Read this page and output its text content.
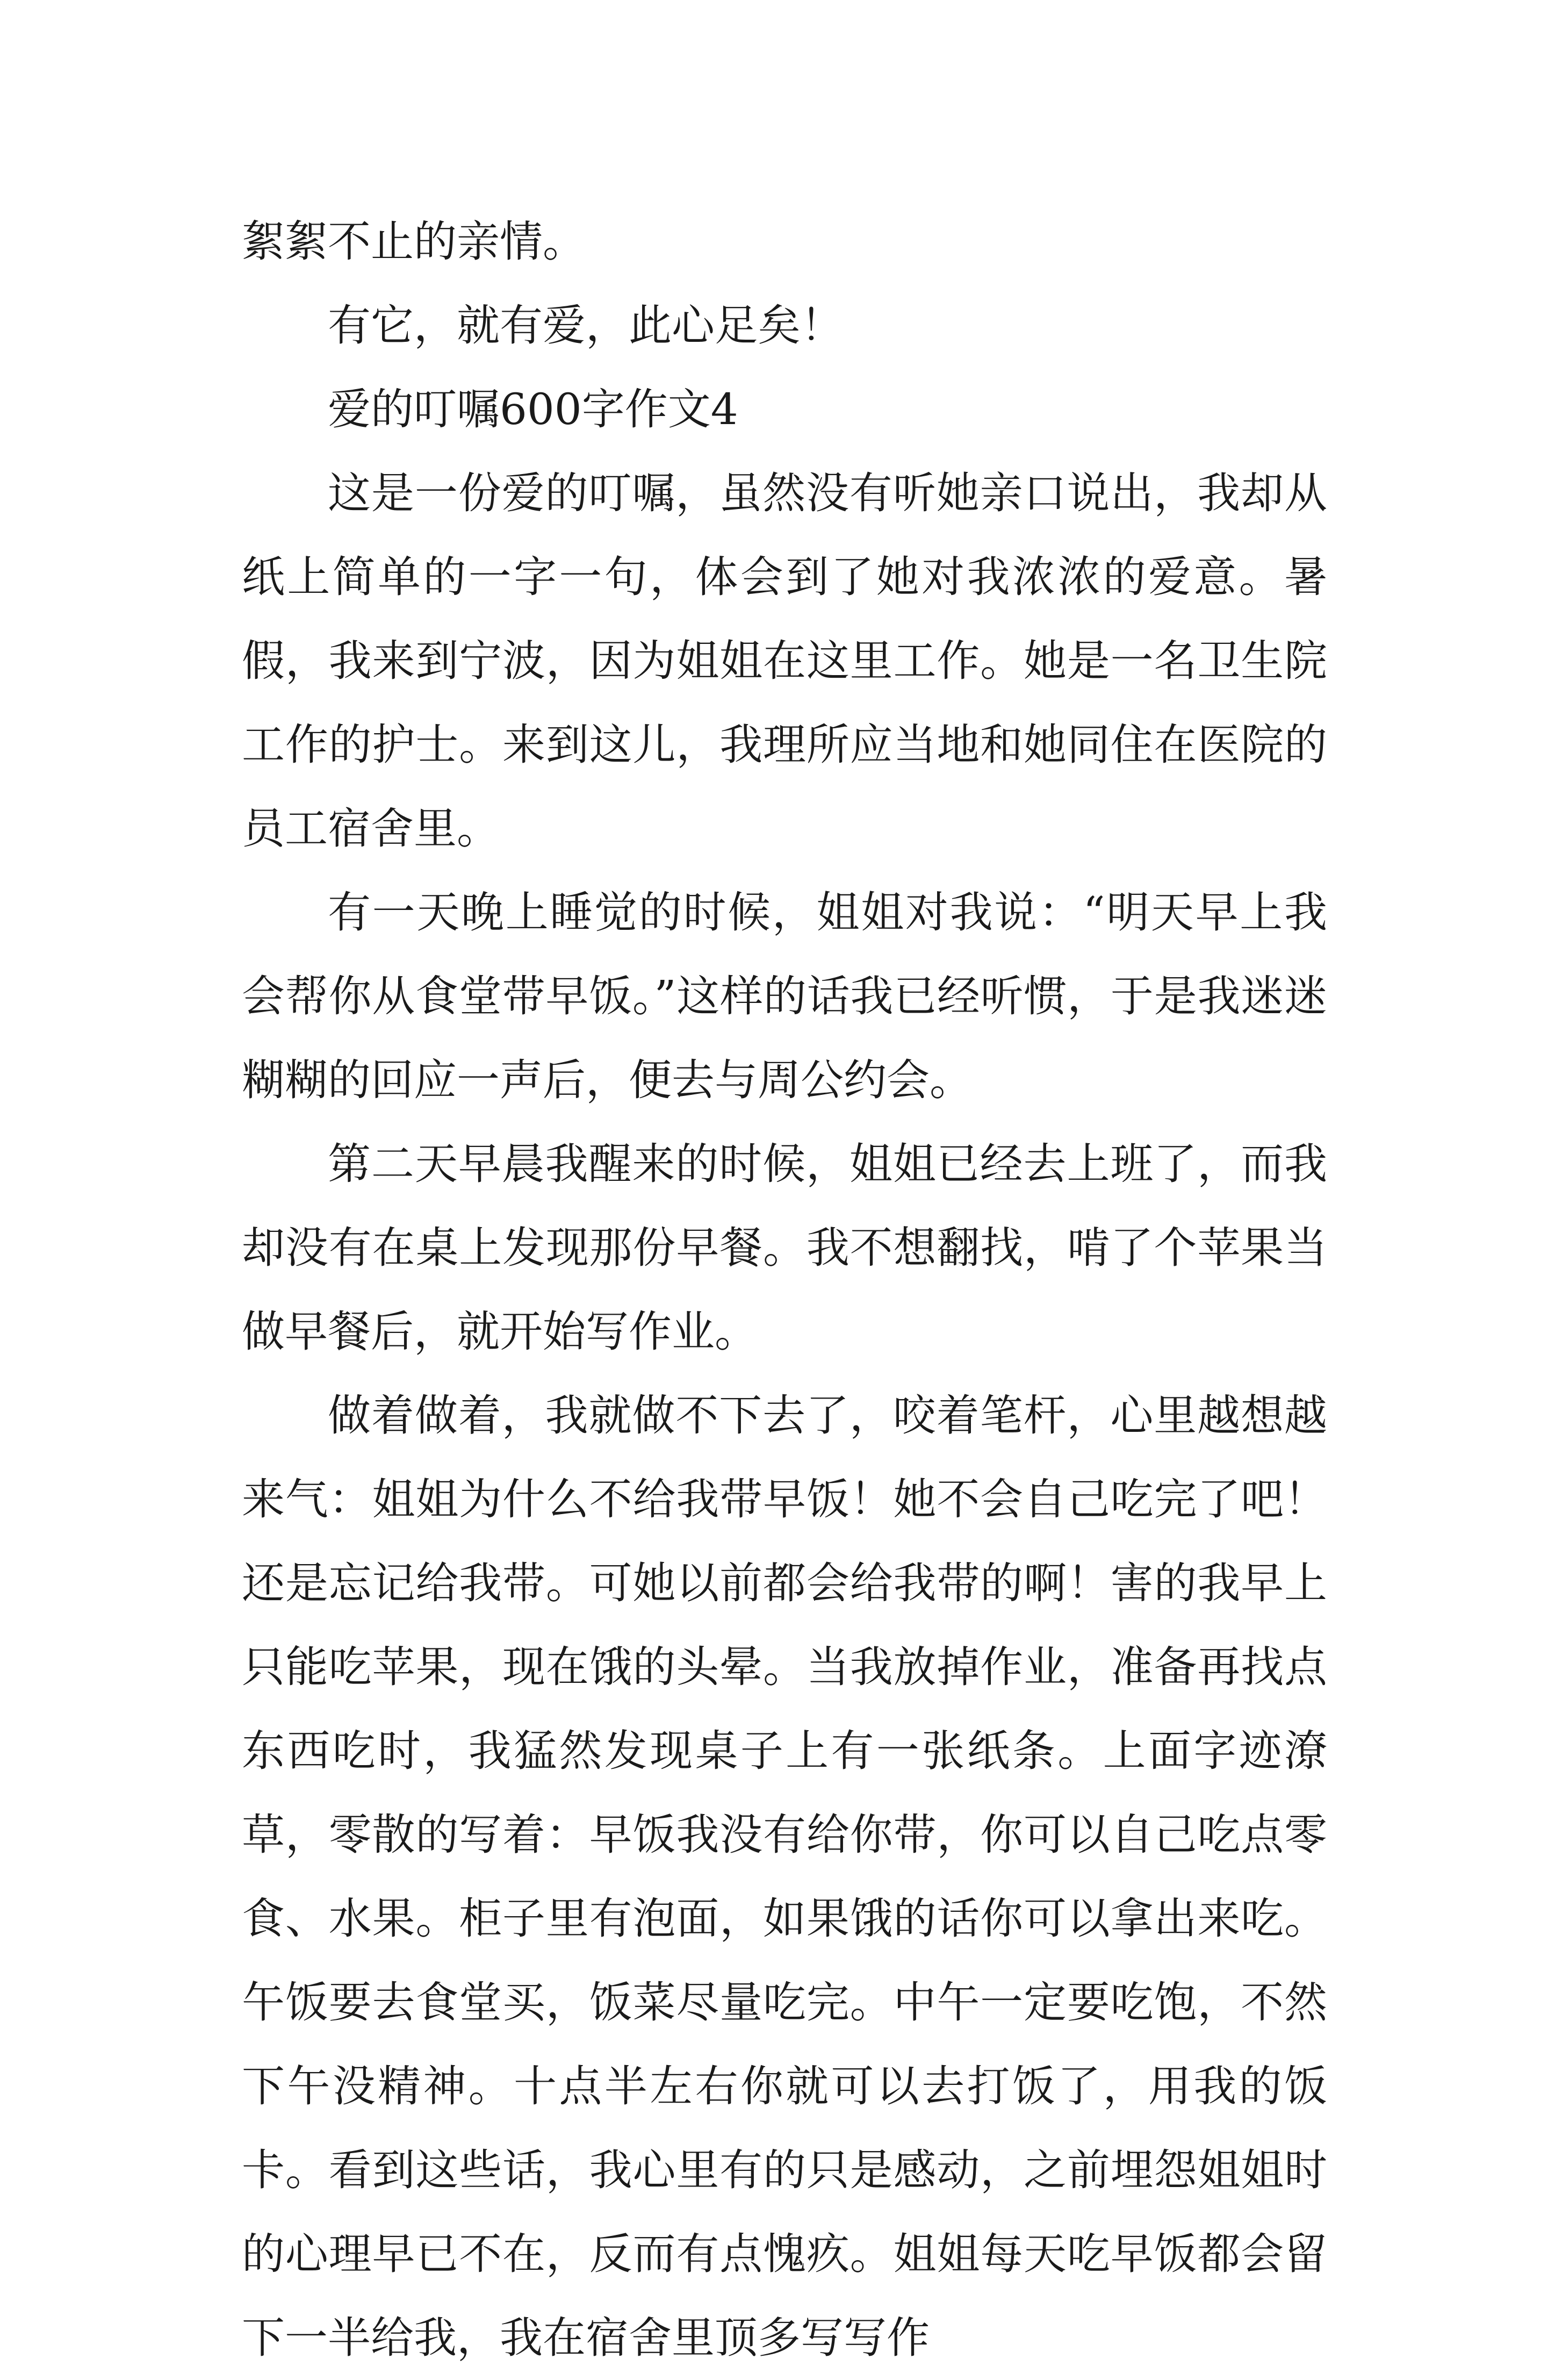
絮絮不止的亲情。

有它，就有爱，此心足矣！

爱的叮嘱600字作文4

这是一份爱的叮嘱，虽然没有听她亲口说出，我却从纸上简单的一字一句，体会到了她对我浓浓的爱意。暑假，我来到宁波，因为姐姐在这里工作。她是一名卫生院工作的护士。来到这儿，我理所应当地和她同住在医院的员工宿舍里。

有一天晚上睡觉的时候，姐姐对我说：“明天早上我会帮你从食堂带早饭。”这样的话我已经听惯，于是我迷迷糊糊的回应一声后，便去与周公约会。

第二天早晨我醒来的时候，姐姐已经去上班了，而我却没有在桌上发现那份早餐。我不想翻找，啃了个苹果当做早餐后，就开始写作业。

做着做着，我就做不下去了，咬着笔杆，心里越想越来气：姐姐为什么不给我带早饭！她不会自己吃完了吧！还是忘记给我带。可她以前都会给我带的啊！害的我早上只能吃苹果，现在饿的头晕。当我放掉作业，准备再找点东西吃时，我猛然发现桌子上有一张纸条。上面字迹潦草，零散的写着：早饭我没有给你带，你可以自己吃点零食、水果。柜子里有泡面，如果饿的话你可以拿出来吃。午饭要去食堂买，饭菜尽量吃完。中午一定要吃饱，不然下午没精神。十点半左右你就可以去打饭了，用我的饭卡。看到这些话，我心里有的只是感动，之前埋怨姐姐时的心理早已不在，反而有点愧疚。姐姐每天吃早饭都会留下一半给我，我在宿舍里顶多写写作
